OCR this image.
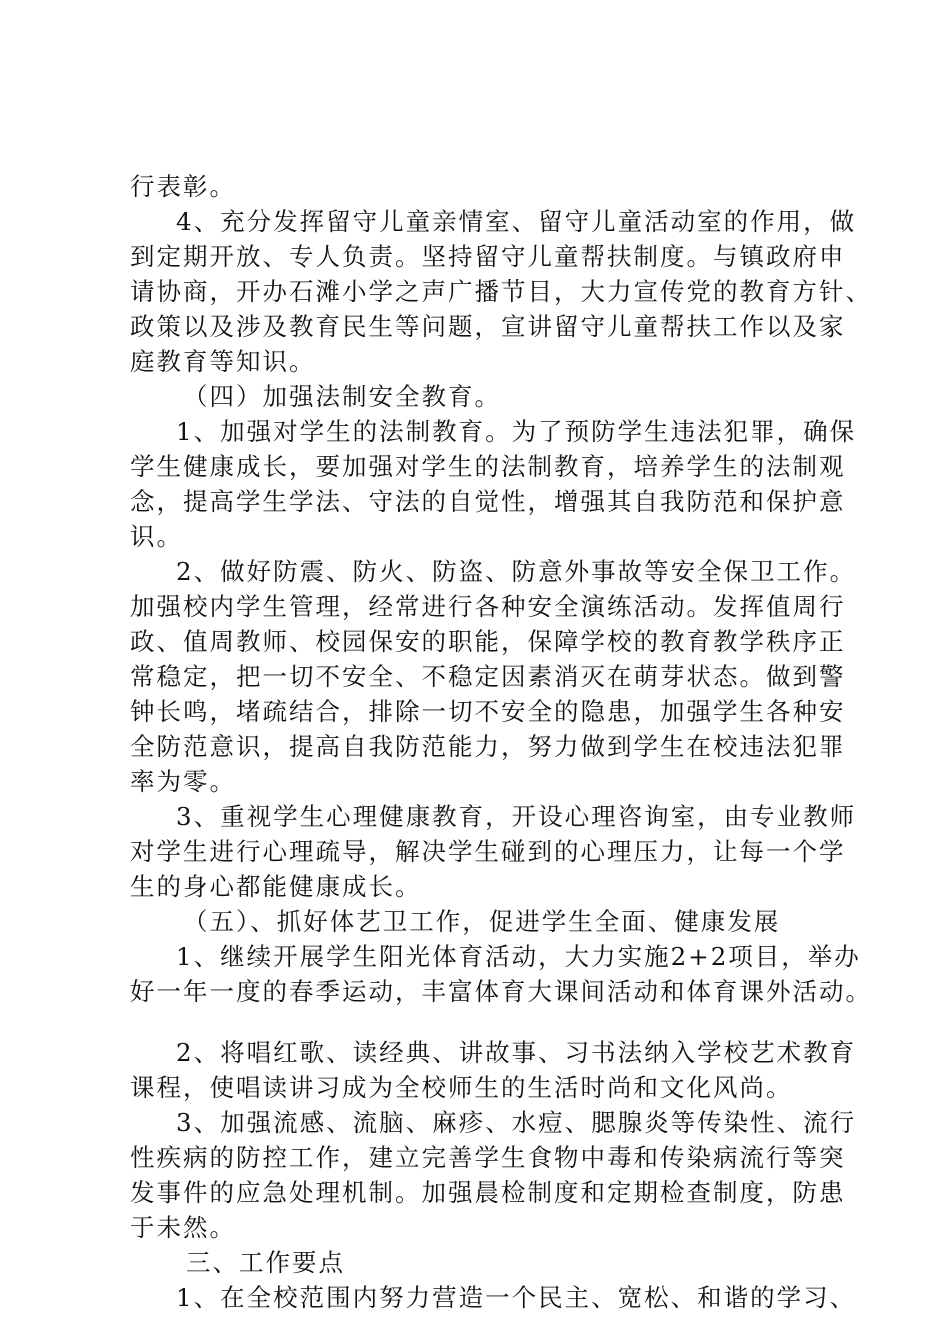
行表彰。
4、充分发挥留守儿童亲情室、留守儿童活动室的作用，做
到定期开放、专人负责。坚持留守儿童帮扶制度。与镇政府申
请协商，开办石滩小学之声广播节目，大力宣传党的教育方针、
政策以及涉及教育民生等问题，宣讲留守儿童帮扶工作以及家
庭教育等知识。
（四）加强法制安全教育。
1、加强对学生的法制教育。为了预防学生违法犯罪，确保
学生健康成长，要加强对学生的法制教育，培养学生的法制观
念，提高学生学法、守法的自觉性，增强其自我防范和保护意
识。
2、做好防震、防火、防盗、防意外事故等安全保卫工作。
加强校内学生管理，经常进行各种安全演练活动。发挥值周行
政、值周教师、校园保安的职能，保障学校的教育教学秩序正
常稳定，把一切不安全、不稳定因素消灭在萌芽状态。做到警
钟长鸣，堵疏结合，排除一切不安全的隐患，加强学生各种安
全防范意识，提高自我防范能力，努力做到学生在校违法犯罪
率为零。
3、重视学生心理健康教育，开设心理咨询室，由专业教师
对学生进行心理疏导，解决学生碰到的心理压力，让每一个学
生的身心都能健康成长。
（五）、抓好体艺卫工作，促进学生全面、健康发展
1、继续开展学生阳光体育活动，大力实施2+2项目，举办
好一年一度的春季运动，丰富体育大课间活动和体育课外活动。
2、将唱红歌、读经典、讲故事、习书法纳入学校艺术教育
课程，使唱读讲习成为全校师生的生活时尚和文化风尚。
3、加强流感、流脑、麻疹、水痘、腮腺炎等传染性、流行
性疾病的防控工作，建立完善学生食物中毒和传染病流行等突
发事件的应急处理机制。加强晨检制度和定期检查制度，防患
于未然。
三、工作要点
1、在全校范围内努力营造一个民主、宽松、和谐的学习、
